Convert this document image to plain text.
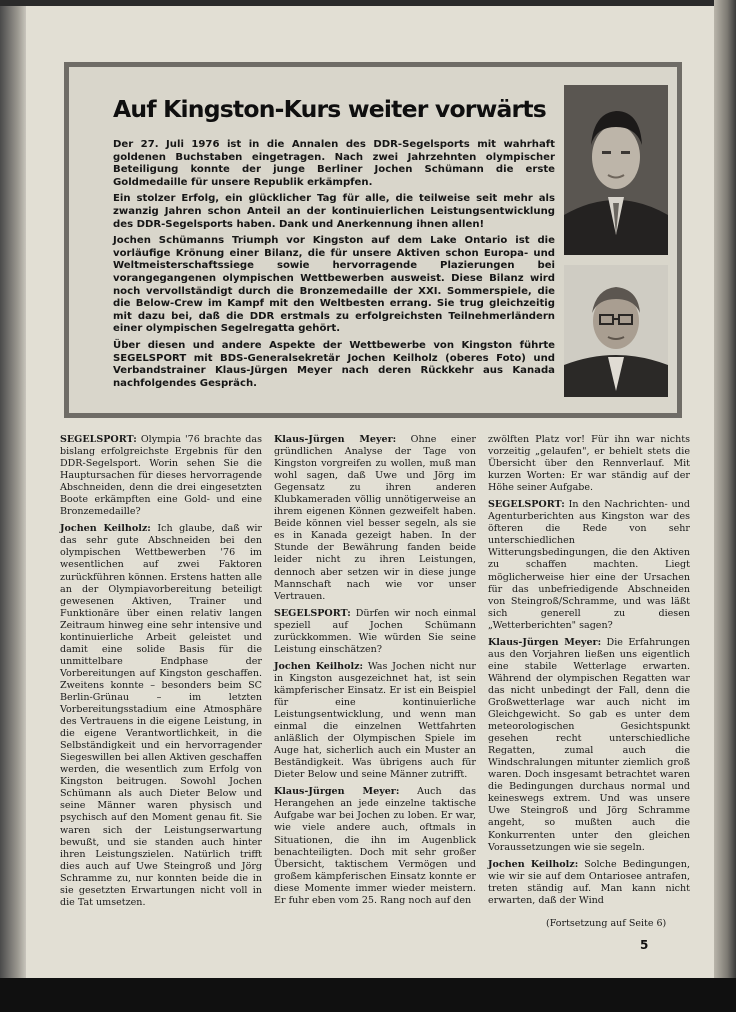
Auf Kingston-Kurs weiter vorwärts

Der 27. Juli 1976 ist in die Annalen des DDR-Segelsports mit wahrhaft goldenen Buchstaben eingetragen. Nach zwei Jahrzehnten olympischer Beteiligung konnte der junge Berliner Jochen Schümann die erste Goldmedaille für unsere Republik erkämpfen.

Ein stolzer Erfolg, ein glücklicher Tag für alle, die teilweise seit mehr als zwanzig Jahren schon Anteil an der kontinuierlichen Leistungsentwicklung des DDR-Segelsports haben. Dank und Anerkennung ihnen allen!

Jochen Schümanns Triumph vor Kingston auf dem Lake Ontario ist die vorläufige Krönung einer Bilanz, die für unsere Aktiven schon Europa- und Weltmeisterschaftssiege sowie hervorragende Plazierungen bei vorangegangenen olympischen Wettbewerben ausweist. Diese Bilanz wird noch vervollständigt durch die Bronzemedaille der XXI. Sommerspiele, die die Below-Crew im Kampf mit den Weltbesten errang. Sie trug gleichzeitig mit dazu bei, daß die DDR erstmals zu erfolgreichsten Teilnehmerländern einer olympischen Segelregatta gehört.

Über diesen und andere Aspekte der Wettbewerbe von Kingston führte SEGELSPORT mit BDS-Generalsekretär Jochen Keilholz (oberes Foto) und Verbandstrainer Klaus-Jürgen Meyer nach deren Rückkehr aus Kanada nachfolgendes Gespräch.

SEGELSPORT: Olympia '76 brachte das bislang erfolgreichste Ergebnis für den DDR-Segelsport. Worin sehen Sie die Hauptursachen für dieses hervorragende Abschneiden, denn die drei eingesetzten Boote erkämpften eine Gold- und eine Bronzemedaille?

Jochen Keilholz: Ich glaube, daß wir das sehr gute Abschneiden bei den olympischen Wettbewerben '76 im wesentlichen auf zwei Faktoren zurückführen können. Erstens hatten alle an der Olympiavorbereitung beteiligt gewesenen Aktiven, Trainer und Funktionäre über einen relativ langen Zeitraum hinweg eine sehr intensive und kontinuierliche Arbeit geleistet und damit eine solide Basis für die unmittelbare Endphase der Vorbereitungen auf Kingston geschaffen. Zweitens konnte – besonders beim SC Berlin-Grünau – im letzten Vorbereitungsstadium eine Atmosphäre des Vertrauens in die eigene Leistung, in die eigene Verantwortlichkeit, in die Selbständigkeit und ein hervorragender Siegeswillen bei allen Aktiven geschaffen werden, die wesentlich zum Erfolg von Kingston beitrugen. Sowohl Jochen Schümann als auch Dieter Below und seine Männer waren physisch und psychisch auf den Moment genau fit. Sie waren sich der Leistungserwartung bewußt, und sie standen auch hinter ihren Leistungszielen. Natürlich trifft dies auch auf Uwe Steingroß und Jörg Schramme zu, nur konnten beide die in sie gesetzten Erwartungen nicht voll in die Tat umsetzen.

Klaus-Jürgen Meyer: Ohne einer gründlichen Analyse der Tage von Kingston vorgreifen zu wollen, muß man wohl sagen, daß Uwe und Jörg im Gegensatz zu ihren anderen Klubkameraden völlig unnötigerweise an ihrem eigenen Können gezweifelt haben. Beide können viel besser segeln, als sie es in Kanada gezeigt haben. In der Stunde der Bewährung fanden beide leider nicht zu ihren Leistungen, dennoch aber setzen wir in diese junge Mannschaft nach wie vor unser Vertrauen.

SEGELSPORT: Dürfen wir noch einmal speziell auf Jochen Schümann zurückkommen. Wie würden Sie seine Leistung einschätzen?

Jochen Keilholz: Was Jochen nicht nur in Kingston ausgezeichnet hat, ist sein kämpferischer Einsatz. Er ist ein Beispiel für eine kontinuierliche Leistungsentwicklung, und wenn man einmal die einzelnen Wettfahrten anläßlich der Olympischen Spiele im Auge hat, sicherlich auch ein Muster an Beständigkeit. Was übrigens auch für Dieter Below und seine Männer zutrifft.

Klaus-Jürgen Meyer: Auch das Herangehen an jede einzelne taktische Aufgabe war bei Jochen zu loben. Er war, wie viele andere auch, oftmals in Situationen, die ihn im Augenblick benachteiligten. Doch mit sehr großer Übersicht, taktischem Vermögen und großem kämpferischen Einsatz konnte er diese Momente immer wieder meistern. Er fuhr eben vom 25. Rang noch auf den

zwölften Platz vor! Für ihn war nichts vorzeitig „gelaufen", er behielt stets die Übersicht über den Rennverlauf. Mit kurzen Worten: Er war ständig auf der Höhe seiner Aufgabe.

SEGELSPORT: In den Nachrichten- und Agenturberichten aus Kingston war des öfteren die Rede von sehr unterschiedlichen Witterungsbedingungen, die den Aktiven zu schaffen machten. Liegt möglicherweise hier eine der Ursachen für das unbefriedigende Abschneiden von Steingroß/Schramme, und was läßt sich generell zu diesen „Wetterberichten" sagen?

Klaus-Jürgen Meyer: Die Erfahrungen aus den Vorjahren ließen uns eigentlich eine stabile Wetterlage erwarten. Während der olympischen Regatten war das nicht unbedingt der Fall, denn die Großwetterlage war auch nicht im Gleichgewicht. So gab es unter dem meteorologischen Gesichtspunkt gesehen recht unterschiedliche Regatten, zumal auch die Windschralungen mitunter ziemlich groß waren. Doch insgesamt betrachtet waren die Bedingungen durchaus normal und keineswegs extrem. Und was unsere Uwe Steingroß und Jörg Schramme angeht, so mußten auch die Konkurrenten unter den gleichen Voraussetzungen wie sie segeln.

Jochen Keilholz: Solche Bedingungen, wie wir sie auf dem Ontariosee antrafen, treten ständig auf. Man kann nicht erwarten, daß der Wind

(Fortsetzung auf Seite 6)
5
